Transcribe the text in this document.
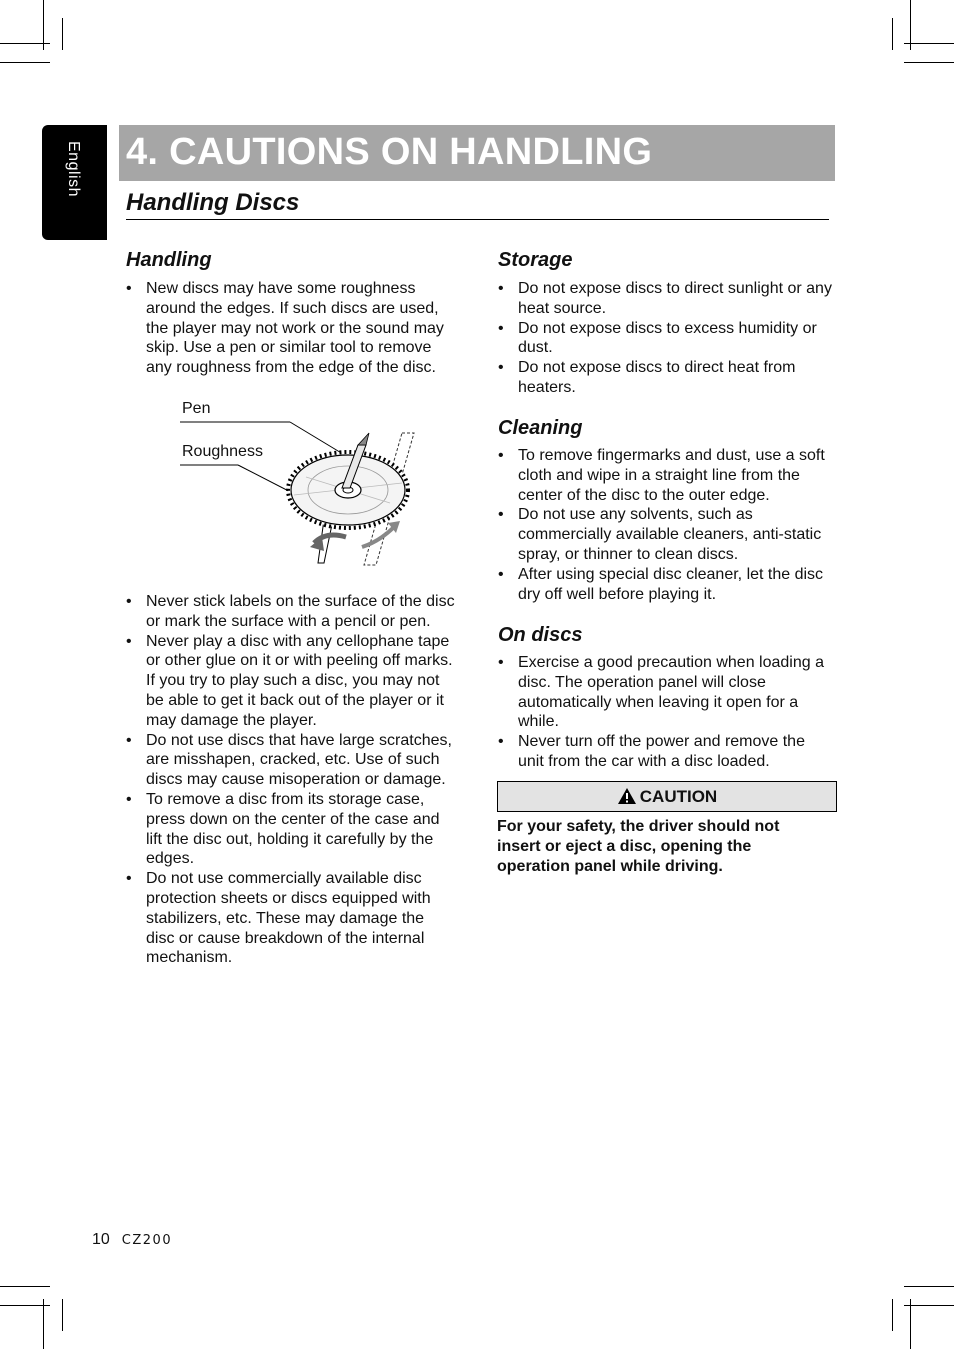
English 4. CAUTIONS ON HANDLING
Handling Discs
Handling
• New discs may have some roughness around the edges. If such discs are used, the player may not work or the sound may skip. Use a pen or similar tool to remove any roughness from the edge of the disc.
Pen
Roughness
• Never stick labels on the surface of the disc or mark the surface with a pencil or pen.
• Never play a disc with any cellophane tape or other glue on it or with peeling off marks. If you try to play such a disc, you may not be able to get it back out of the player or it may damage the player.
• Do not use discs that have large scratches, are misshapen, cracked, etc. Use of such discs may cause misoperation or damage.
• To remove a disc from its storage case, press down on the center of the case and lift the disc out, holding it carefully by the edges.
• Do not use commercially available disc protection sheets or discs equipped with stabilizers, etc. These may damage the disc or cause breakdown of the internal mechanism.
Storage
• Do not expose discs to direct sunlight or any heat source.
• Do not expose discs to excess humidity or dust.
• Do not expose discs to direct heat from heaters.
Cleaning
• To remove fingermarks and dust, use a soft cloth and wipe in a straight line from the center of the disc to the outer edge.
• Do not use any solvents, such as commercially available cleaners, anti-static spray, or thinner to clean discs.
• After using special disc cleaner, let the disc dry off well before playing it.
On discs
• Exercise a good precaution when loading a disc. The operation panel will close automatically when leaving it open for a while.
• Never turn off the power and remove the unit from the car with a disc loaded.
CAUTION

For your safety, the driver should not insert or eject a disc, opening the operation panel while driving.

10 CZ200
